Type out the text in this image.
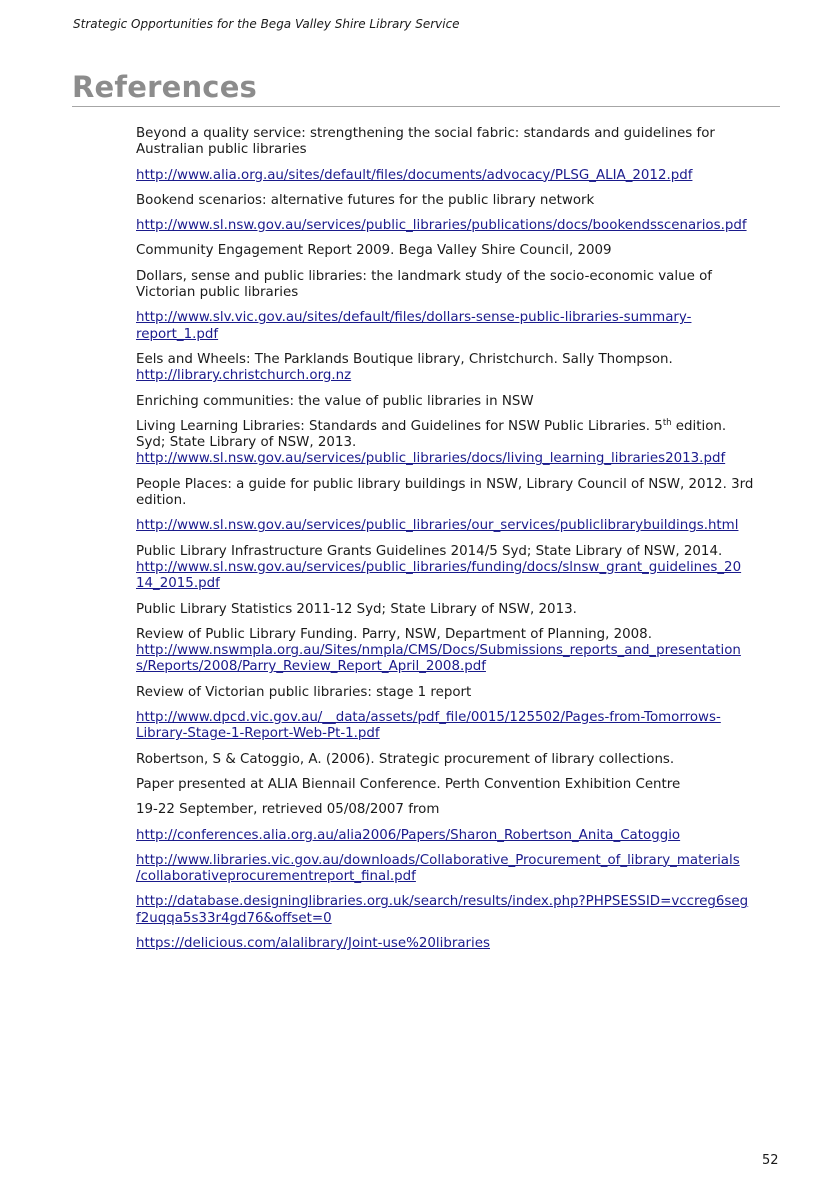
Strategic Opportunities for the Bega Valley Shire Library Service
References
Beyond a quality service: strengthening the social fabric: standards and guidelines for
Australian public libraries
http://www.alia.org.au/sites/default/files/documents/advocacy/PLSG_ALIA_2012.pdf
Bookend scenarios: alternative futures for the public library network
http://www.sl.nsw.gov.au/services/public_libraries/publications/docs/bookendsscenarios.pdf
Community Engagement Report 2009. Bega Valley Shire Council, 2009
Dollars, sense and public libraries: the landmark study of the socio-economic value of
Victorian public libraries
http://www.slv.vic.gov.au/sites/default/files/dollars-sense-public-libraries-summary-
report_1.pdf
Eels and Wheels: The Parklands Boutique library, Christchurch. Sally Thompson.
http://library.christchurch.org.nz
Enriching communities: the value of public libraries in NSW
Living Learning Libraries: Standards and Guidelines for NSW Public Libraries. 5th edition.
Syd; State Library of NSW, 2013.
http://www.sl.nsw.gov.au/services/public_libraries/docs/living_learning_libraries2013.pdf
People Places: a guide for public library buildings in NSW, Library Council of NSW, 2012. 3rd
edition.
http://www.sl.nsw.gov.au/services/public_libraries/our_services/publiclibrarybuildings.html
Public Library Infrastructure Grants Guidelines 2014/5 Syd; State Library of NSW, 2014.
http://www.sl.nsw.gov.au/services/public_libraries/funding/docs/slnsw_grant_guidelines_20
14_2015.pdf
Public Library Statistics 2011-12 Syd; State Library of NSW, 2013.
Review of Public Library Funding. Parry, NSW, Department of Planning, 2008.
http://www.nswmpla.org.au/Sites/nmpla/CMS/Docs/Submissions_reports_and_presentation
s/Reports/2008/Parry_Review_Report_April_2008.pdf
Review of Victorian public libraries: stage 1 report
http://www.dpcd.vic.gov.au/__data/assets/pdf_file/0015/125502/Pages-from-Tomorrows-
Library-Stage-1-Report-Web-Pt-1.pdf
Robertson, S & Catoggio, A. (2006). Strategic procurement of library collections.
Paper presented at ALIA Biennail Conference. Perth Convention Exhibition Centre
19-22 September, retrieved 05/08/2007 from
http://conferences.alia.org.au/alia2006/Papers/Sharon_Robertson_Anita_Catoggio
http://www.libraries.vic.gov.au/downloads/Collaborative_Procurement_of_library_materials
/collaborativeprocurementreport_final.pdf
http://database.designinglibraries.org.uk/search/results/index.php?PHPSESSID=vccreg6seg
f2uqqa5s33r4gd76&offset=0
https://delicious.com/alalibrary/Joint-use%20libraries
52
